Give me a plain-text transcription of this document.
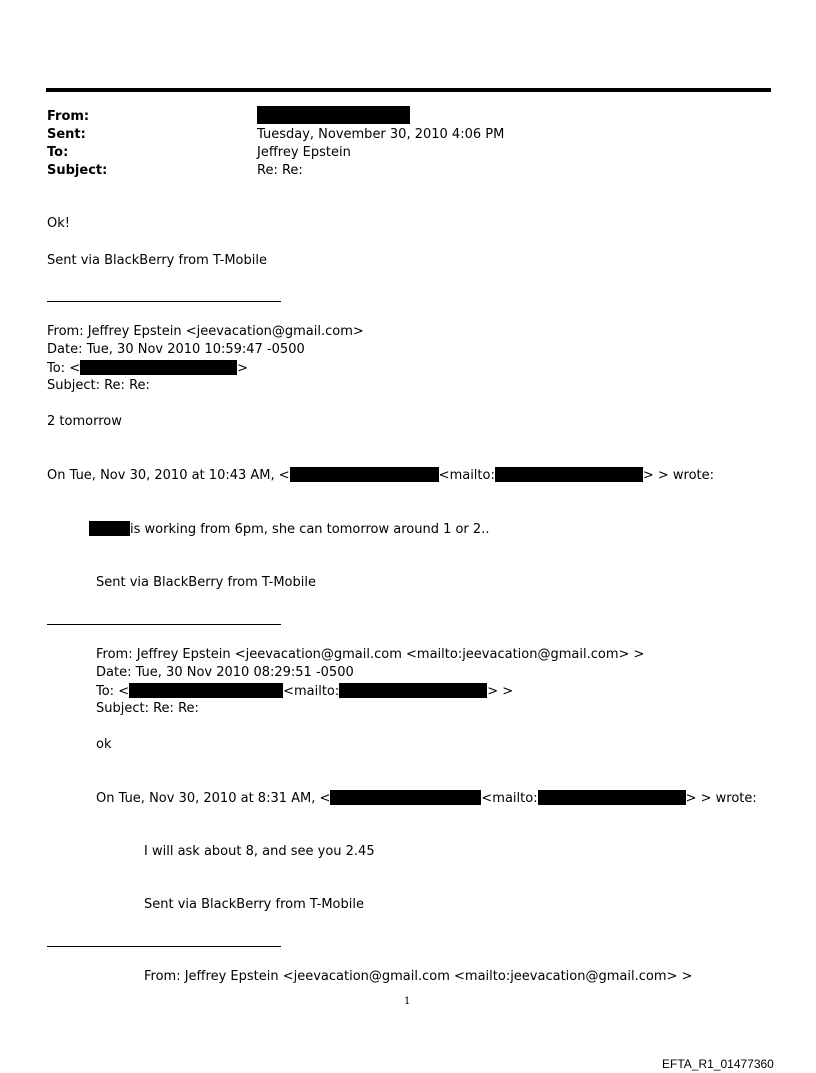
From:
Sent:	Tuesday, November 30, 2010 4:06 PM
To:	Jeffrey Epstein
Subject:	Re: Re:
Ok!
Sent via BlackBerry from T-Mobile
From: Jeffrey Epstein <jeevacation@gmail.com>
Date: Tue, 30 Nov 2010 10:59:47 -0500
To: <	>
Subject: Re: Re:
2 tomorrow
On Tue, Nov 30, 2010 at 10:43 AM, <	<mailto:	> > wrote:
is working from 6pm, she can tomorrow around 1 or 2..
Sent via BlackBerry from T-Mobile
From: Jeffrey Epstein <jeevacation@gmail.com <mailto:jeevacation@gmail.com> >
Date: Tue, 30 Nov 2010 08:29:51 -0500
To: <	<mailto:	> >
Subject: Re: Re:
ok
On Tue, Nov 30, 2010 at 8:31 AM, <	<mailto:	> > wrote:
I will ask about 8, and see you 2.45
Sent via BlackBerry from T-Mobile
From: Jeffrey Epstein <jeevacation@gmail.com <mailto:jeevacation@gmail.com> >
1
EFTA_R1_01477360
